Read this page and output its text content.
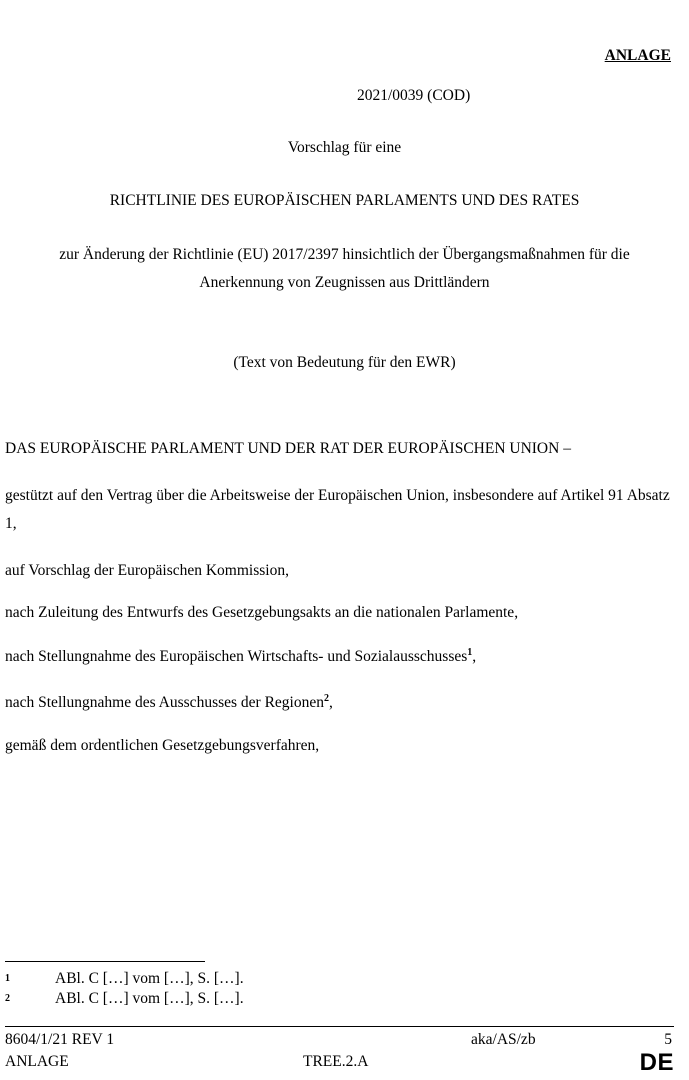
ANLAGE
2021/0039 (COD)
Vorschlag für eine
RICHTLINIE DES EUROPÄISCHEN PARLAMENTS UND DES RATES
zur Änderung der Richtlinie (EU) 2017/2397 hinsichtlich der Übergangsmaßnahmen für die
Anerkennung von Zeugnissen aus Drittländern
(Text von Bedeutung für den EWR)
DAS EUROPÄISCHE PARLAMENT UND DER RAT DER EUROPÄISCHEN UNION –
gestützt auf den Vertrag über die Arbeitsweise der Europäischen Union, insbesondere auf Artikel 91 Absatz 1,
auf Vorschlag der Europäischen Kommission,
nach Zuleitung des Entwurfs des Gesetzgebungsakts an die nationalen Parlamente,
nach Stellungnahme des Europäischen Wirtschafts- und Sozialausschusses$^1$,
nach Stellungnahme des Ausschusses der Regionen$^2$,
gemäß dem ordentlichen Gesetzgebungsverfahren,
1	ABl. C […] vom […], S. […].
2	ABl. C […] vom […], S. […].
8604/1/21 REV 1	aka/AS/zb	5
ANLAGE	TREE.2.A	DE
